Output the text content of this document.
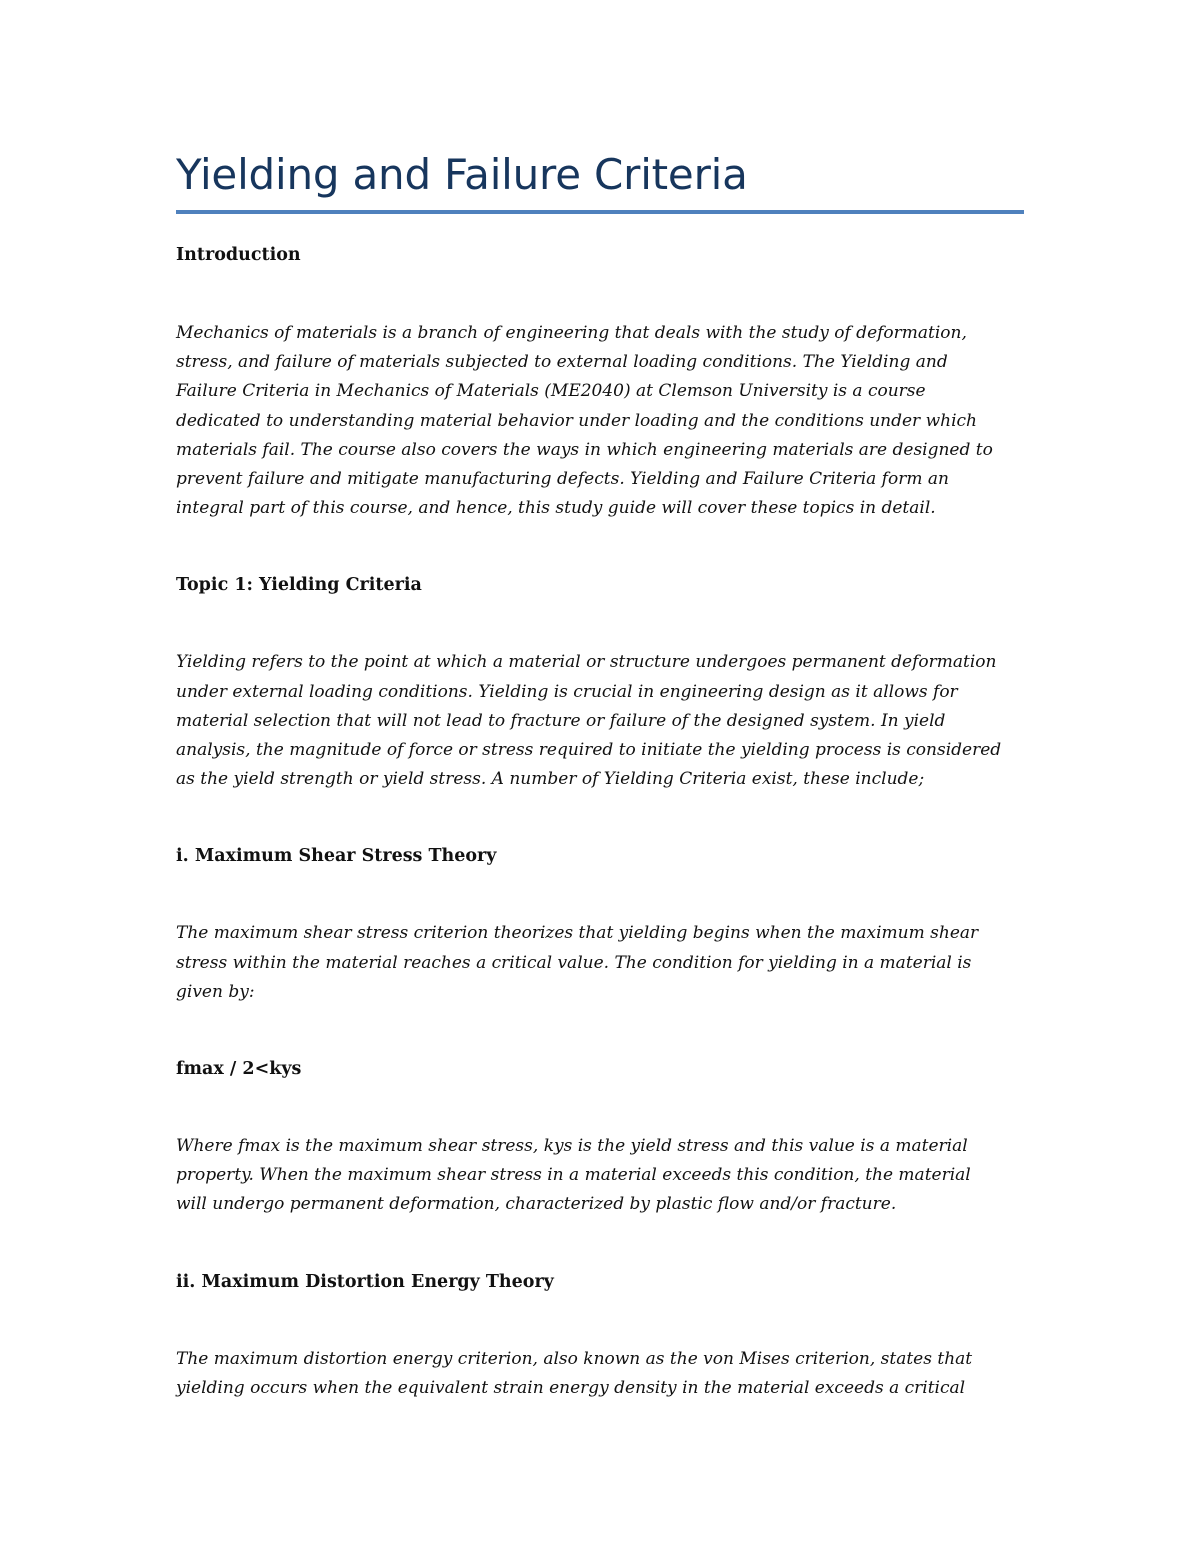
Yielding and Failure Criteria
Introduction

Mechanics of materials is a branch of engineering that deals with the study of deformation,
stress, and failure of materials subjected to external loading conditions. The Yielding and
Failure Criteria in Mechanics of Materials (ME2040) at Clemson University is a course
dedicated to understanding material behavior under loading and the conditions under which
materials fail. The course also covers the ways in which engineering materials are designed to
prevent failure and mitigate manufacturing defects. Yielding and Failure Criteria form an
integral part of this course, and hence, this study guide will cover these topics in detail.

Topic 1: Yielding Criteria

Yielding refers to the point at which a material or structure undergoes permanent deformation
under external loading conditions. Yielding is crucial in engineering design as it allows for
material selection that will not lead to fracture or failure of the designed system. In yield
analysis, the magnitude of force or stress required to initiate the yielding process is considered
as the yield strength or yield stress. A number of Yielding Criteria exist, these include;

i. Maximum Shear Stress Theory

The maximum shear stress criterion theorizes that yielding begins when the maximum shear
stress within the material reaches a critical value. The condition for yielding in a material is
given by:

fmax / 2<kys

Where fmax is the maximum shear stress, kys is the yield stress and this value is a material
property. When the maximum shear stress in a material exceeds this condition, the material
will undergo permanent deformation, characterized by plastic flow and/or fracture.

ii. Maximum Distortion Energy Theory

The maximum distortion energy criterion, also known as the von Mises criterion, states that
yielding occurs when the equivalent strain energy density in the material exceeds a critical
